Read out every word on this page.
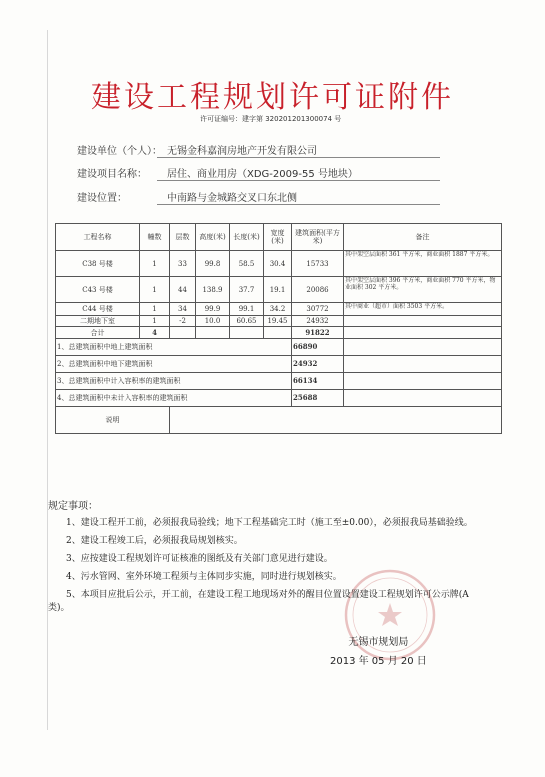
建设工程规划许可证附件
许可证编号：建字第 320201201300074 号
建设单位（个人）： 无锡金科嘉润房地产开发有限公司
建设项目名称： 居住、商业用房（XDG-2009-55 号地块）
建设位置：	中南路与金城路交叉口东北侧
工程名称	幢数	层数	高度(米)	长度(米)	宽度(米)	建筑面积(平方米)	备注
C38 号楼	1	33	99.8	58.5	30.4	15733	其中架空层面积 361 平方米，商业面积 1887 平方米。
C43 号楼	1	44	138.9	37.7	19.1	20086	其中架空层面积 396 平方米，商业面积 770 平方米，物业面积 302 平方米。
C44 号楼	1	34	99.9	99.1	34.2	30772	其中商业（超市）面积 3503 平方米。
二期地下室	1	-2	10.0	60.65	19.45	24932	
合计	4					91822	
1、总建筑面积中地上建筑面积						66890	
2、总建筑面积中地下建筑面积						24932	
3、总建筑面积中计入容积率的建筑面积						66134	
4、总建筑面积中未计入容积率的建筑面积						25688	
说明							
规定事项：

1、建设工程开工前，必须报我局验线；地下工程基础完工时（施工至±0.00），必须报我局基础验线。

2、建设工程竣工后，必须报我局规划核实。

3、应按建设工程规划许可证核准的图纸及有关部门意见进行建设。

4、污水管网、室外环境工程须与主体同步实施，同时进行规划核实。

5、本项目应批后公示，开工前，在建设工程工地现场对外的醒目位置设置建设工程规划许可公示牌(A 类)。

无锡市规划局
2013 年 05 月 20 日
